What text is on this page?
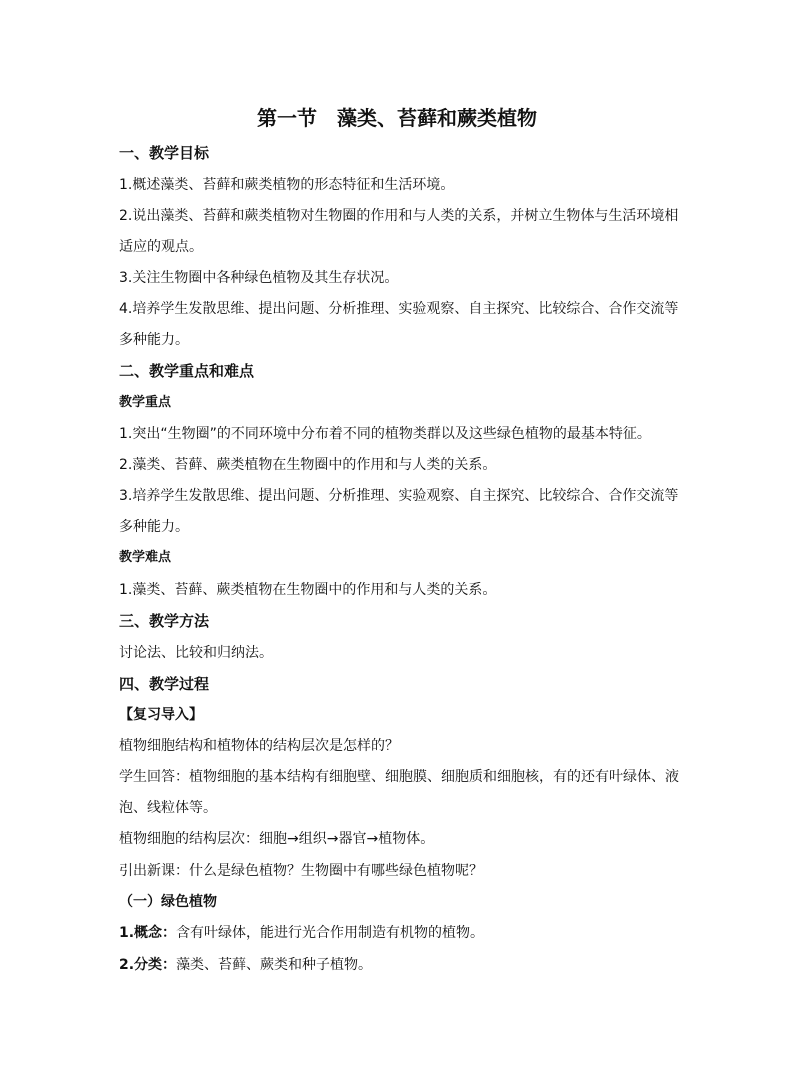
第一节　藻类、苔藓和蕨类植物
一、教学目标
1.概述藻类、苔藓和蕨类植物的形态特征和生活环境。
2.说出藻类、苔藓和蕨类植物对生物圈的作用和与人类的关系，并树立生物体与生活环境相
适应的观点。
3.关注生物圈中各种绿色植物及其生存状况。
4.培养学生发散思维、提出问题、分析推理、实验观察、自主探究、比较综合、合作交流等
多种能力。
二、教学重点和难点
教学重点
1.突出“生物圈”的不同环境中分布着不同的植物类群以及这些绿色植物的最基本特征。
2.藻类、苔藓、蕨类植物在生物圈中的作用和与人类的关系。
3.培养学生发散思维、提出问题、分析推理、实验观察、自主探究、比较综合、合作交流等
多种能力。
教学难点
1.藻类、苔藓、蕨类植物在生物圈中的作用和与人类的关系。
三、教学方法
讨论法、比较和归纳法。
四、教学过程
【复习导入】
植物细胞结构和植物体的结构层次是怎样的？
学生回答：植物细胞的基本结构有细胞壁、细胞膜、细胞质和细胞核，有的还有叶绿体、液
泡、线粒体等。
植物细胞的结构层次：细胞→组织→器官→植物体。
引出新课：什么是绿色植物？生物圈中有哪些绿色植物呢？
（一）绿色植物
1.概念：含有叶绿体，能进行光合作用制造有机物的植物。
2.分类：藻类、苔藓、蕨类和种子植物。
